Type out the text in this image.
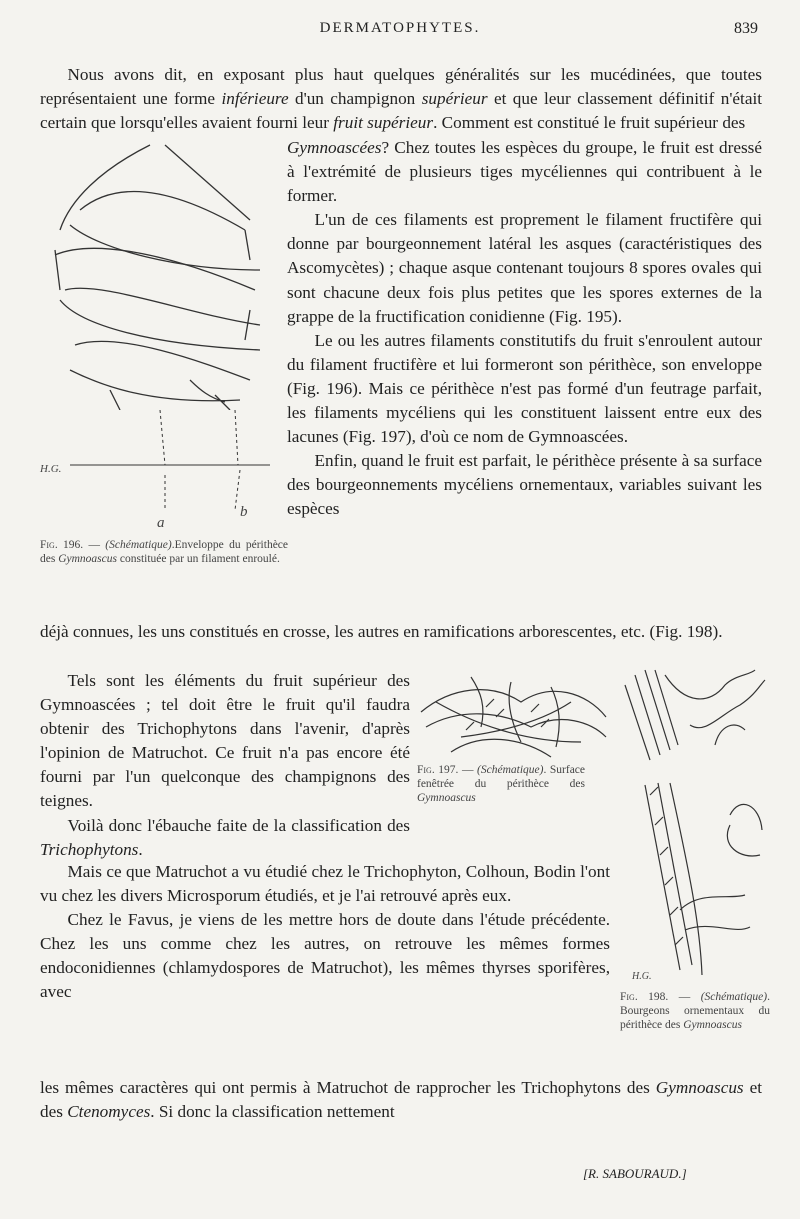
DERMATOPHYTES.	839

Nous avons dit, en exposant plus haut quelques généralités sur les mucédinées, que toutes représentaient une forme inférieure d'un champignon supérieur et que leur classement définitif n'était certain que lorsqu'elles avaient fourni leur fruit supérieur. Comment est constitué le fruit supérieur des

Gymnoascées? Chez toutes les espèces du groupe, le fruit est dressé à l'extrémité de plusieurs tiges mycéliennes qui contribuent à le former.

L'un de ces filaments est proprement le filament fructifère qui donne par bourgeonnement latéral les asques (caractéristiques des Ascomycètes) ; chaque asque contenant toujours 8 spores ovales qui sont chacune deux fois plus petites que les spores externes de la grappe de la fructification conidienne (Fig. 195).

Le ou les autres filaments constitutifs du fruit s'enroulent autour du filament fructifère et lui formeront son périthèce, son enveloppe (Fig. 196). Mais ce périthèce n'est pas formé d'un feutrage parfait, les filaments mycéliens qui les constituent laissent entre eux des lacunes (Fig. 197), d'où ce nom de Gymnoascées.

Enfin, quand le fruit est parfait, le périthèce présente à sa surface des bourgeonnements mycéliens ornementaux, variables suivant les espèces

H.G.
a
b
Fig. 196. — (Schématique).Enveloppe du périthèce des Gymnoascus constituée par un filament enroulé.

déjà connues, les uns constitués en crosse, les autres en ramifications arborescentes, etc. (Fig. 198).

Tels sont les éléments du fruit supérieur des Gymnoascées ; tel doit être le fruit qu'il faudra obtenir des Trichophytons dans l'avenir, d'après l'opinion de Matruchot. Ce fruit n'a pas encore été fourni par l'un quelconque des champignons des teignes.

Voilà donc l'ébauche faite de la classification des Trichophytons.

Fig. 197. — (Schématique). Surface fenêtrée du périthèce des Gymnoascus
H.G.
Fig. 198. — (Schématique). Bourgeons ornementaux du périthèce des Gymnoascus

Mais ce que Matruchot a vu étudié chez le Trichophyton, Colhoun, Bodin l'ont vu chez les divers Microsporum étudiés, et je l'ai retrouvé après eux.

Chez le Favus, je viens de les mettre hors de doute dans l'étude précédente. Chez les uns comme chez les autres, on retrouve les mêmes formes endoconidiennes (chlamydospores de Matruchot), les mêmes thyrses sporifères, avec

les mêmes caractères qui ont permis à Matruchot de rapprocher les Trichophytons des Gymnoascus et des Ctenomyces. Si donc la classification nettement

[R. SABOURAUD.]
